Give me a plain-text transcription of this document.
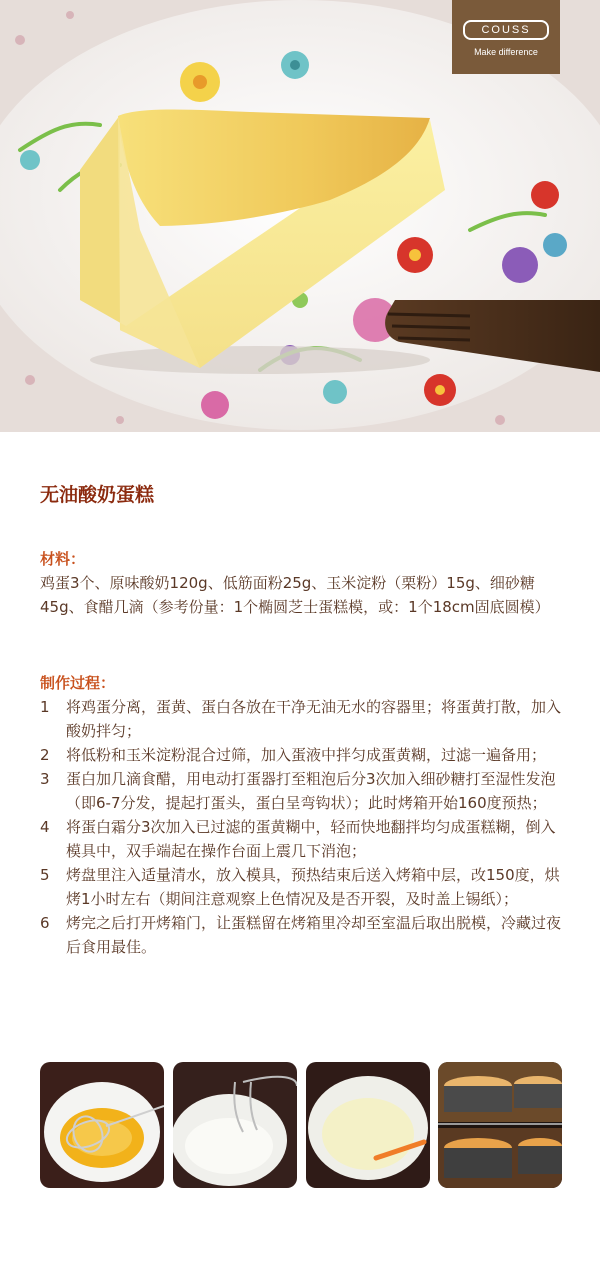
COUSS
Make difference
无油酸奶蛋糕
材料：
鸡蛋3个、原味酸奶120g、低筋面粉25g、玉米淀粉（栗粉）15g、细砂糖45g、食醋几滴（参考份量：1个椭圆芝士蛋糕模，或：1个18cm固底圆模）
制作过程：
1 将鸡蛋分离，蛋黄、蛋白各放在干净无油无水的容器里；将蛋黄打散，加入酸奶拌匀；
2 将低粉和玉米淀粉混合过筛，加入蛋液中拌匀成蛋黄糊，过滤一遍备用；
3 蛋白加几滴食醋，用电动打蛋器打至粗泡后分3次加入细砂糖打至湿性发泡（即6-7分发，提起打蛋头，蛋白呈弯钩状）；此时烤箱开始160度预热；
4 将蛋白霜分3次加入已过滤的蛋黄糊中，轻而快地翻拌均匀成蛋糕糊，倒入模具中，双手端起在操作台面上震几下消泡；
5 烤盘里注入适量清水，放入模具，预热结束后送入烤箱中层，改150度，烘烤1小时左右（期间注意观察上色情况及是否开裂，及时盖上锡纸）；
6 烤完之后打开烤箱门，让蛋糕留在烤箱里冷却至室温后取出脱模，冷藏过夜后食用最佳。
